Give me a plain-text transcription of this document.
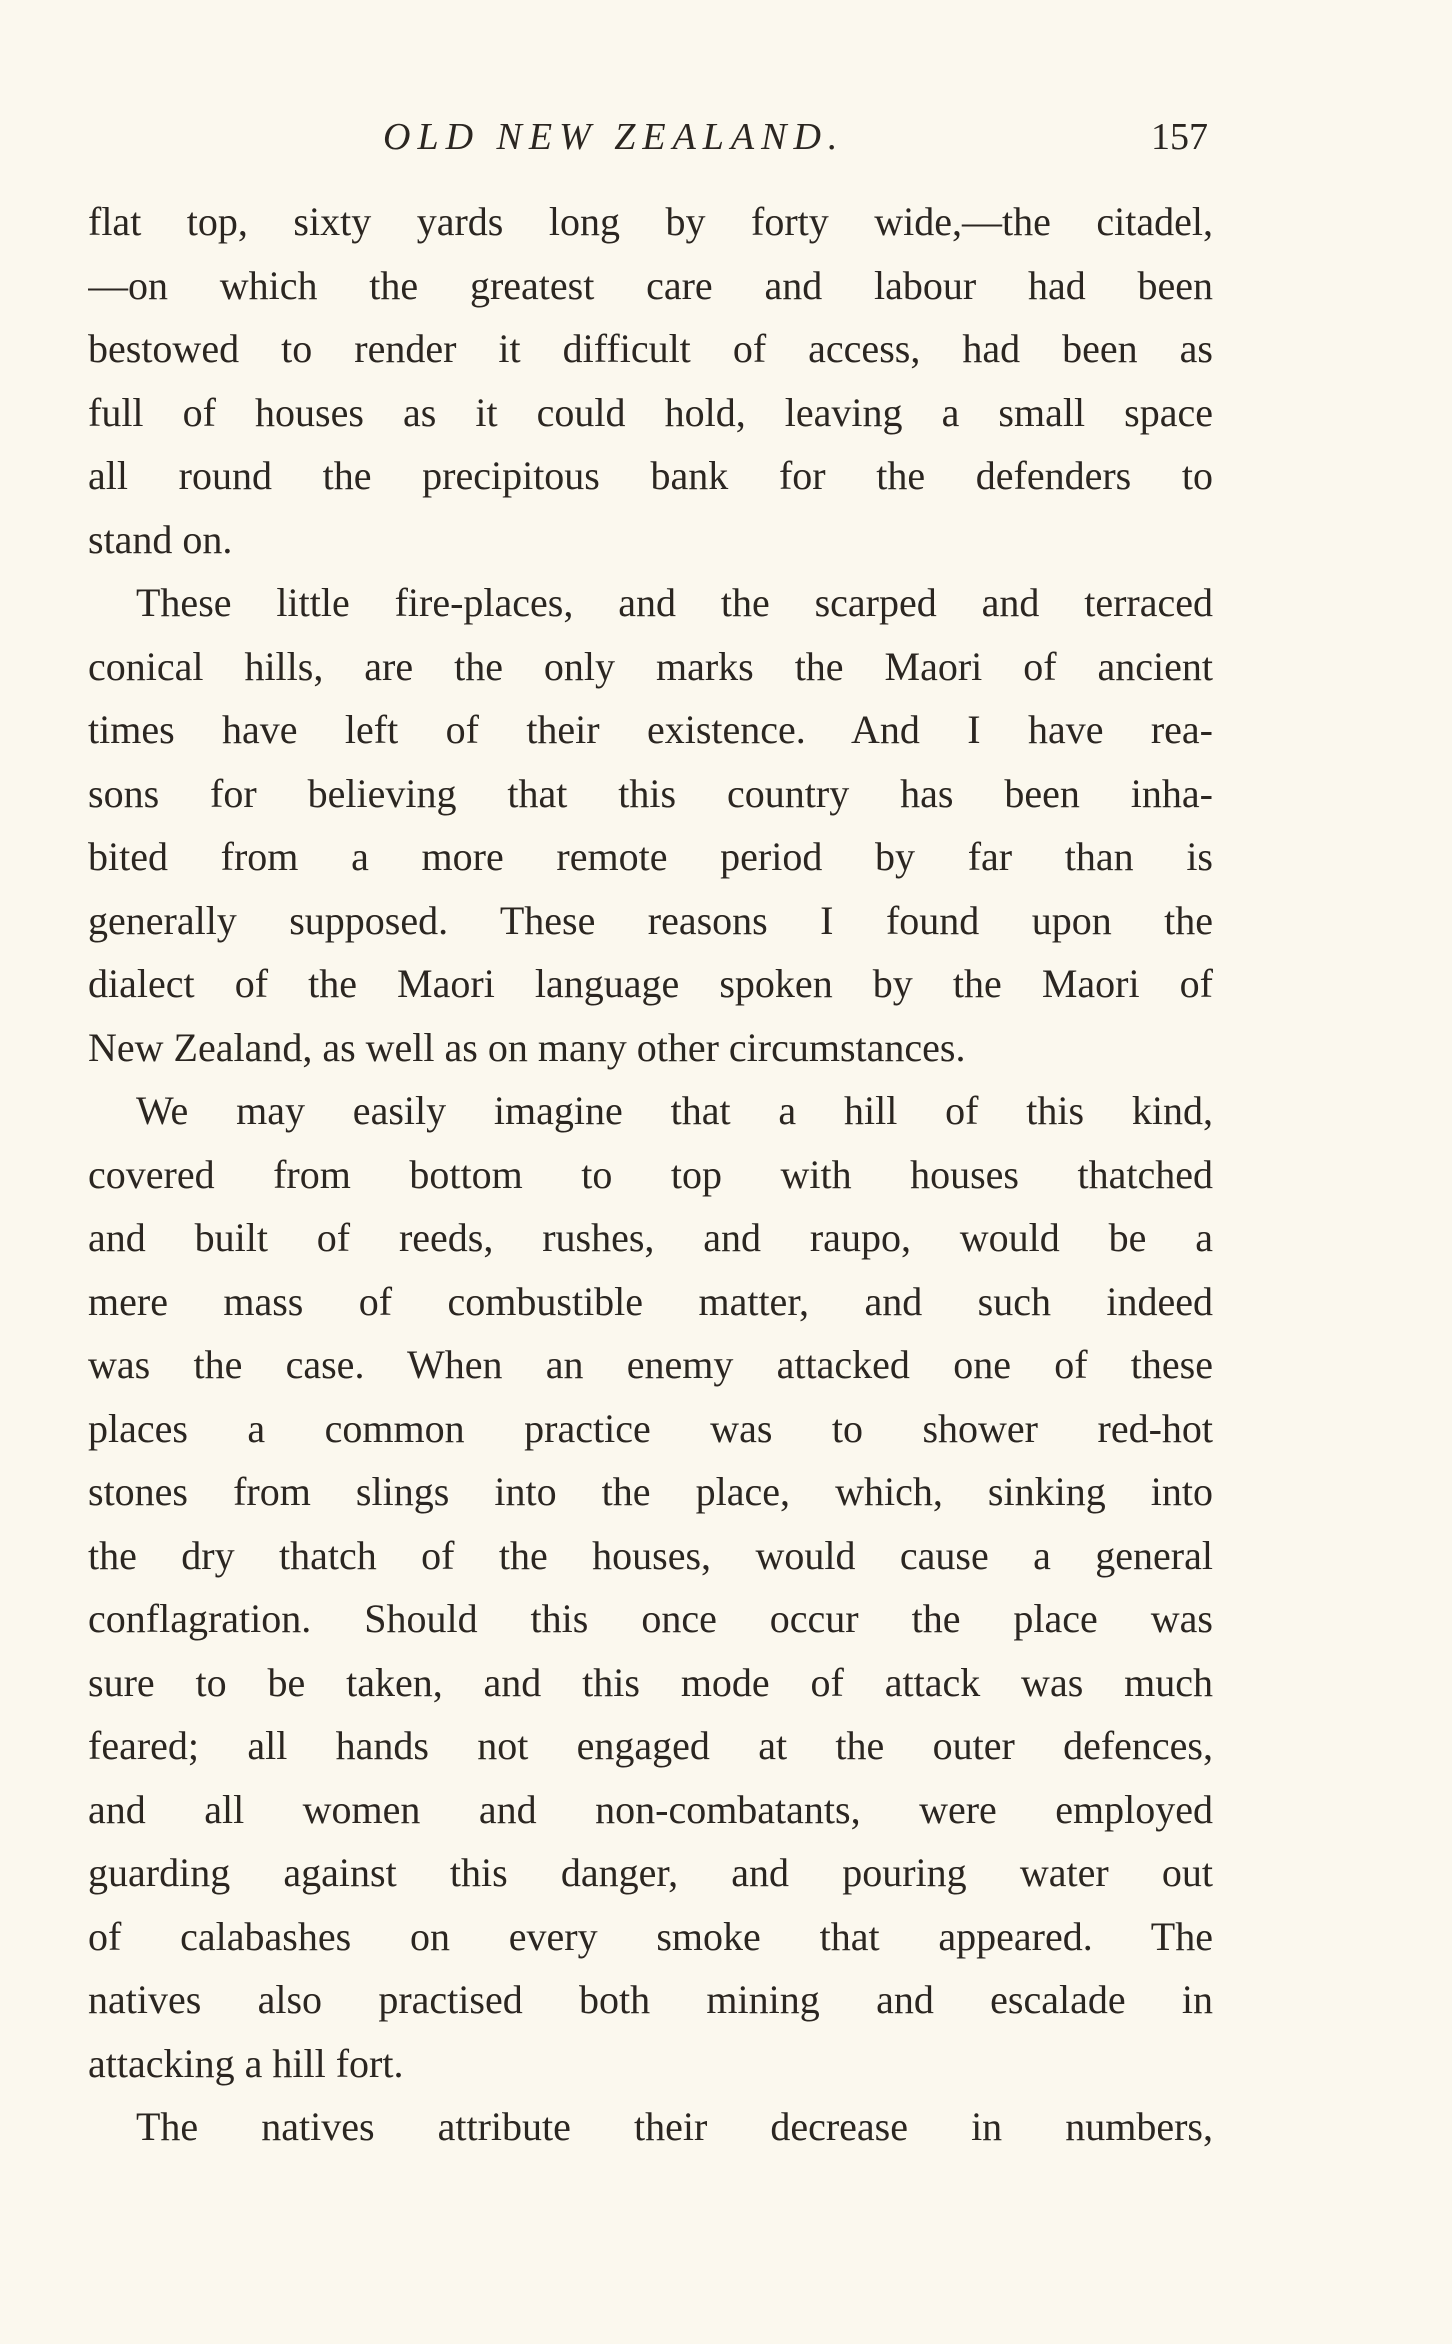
OLD NEW ZEALAND.	157
flat top, sixty yards long by forty wide,—the citadel,
—on which the greatest care and labour had been
bestowed to render it difficult of access, had been as
full of houses as it could hold, leaving a small space
all round the precipitous bank for the defenders to
stand on.
These little fire-places, and the scarped and terraced
conical hills, are the only marks the Maori of ancient
times have left of their existence. And I have rea-
sons for believing that this country has been inha-
bited from a more remote period by far than is
generally supposed. These reasons I found upon the
dialect of the Maori language spoken by the Maori of
New Zealand, as well as on many other circumstances.
We may easily imagine that a hill of this kind,
covered from bottom to top with houses thatched
and built of reeds, rushes, and raupo, would be a
mere mass of combustible matter, and such indeed
was the case. When an enemy attacked one of these
places a common practice was to shower red-hot
stones from slings into the place, which, sinking into
the dry thatch of the houses, would cause a general
conflagration. Should this once occur the place was
sure to be taken, and this mode of attack was much
feared; all hands not engaged at the outer defences,
and all women and non-combatants, were employed
guarding against this danger, and pouring water out
of calabashes on every smoke that appeared. The
natives also practised both mining and escalade in
attacking a hill fort.
The natives attribute their decrease in numbers,
